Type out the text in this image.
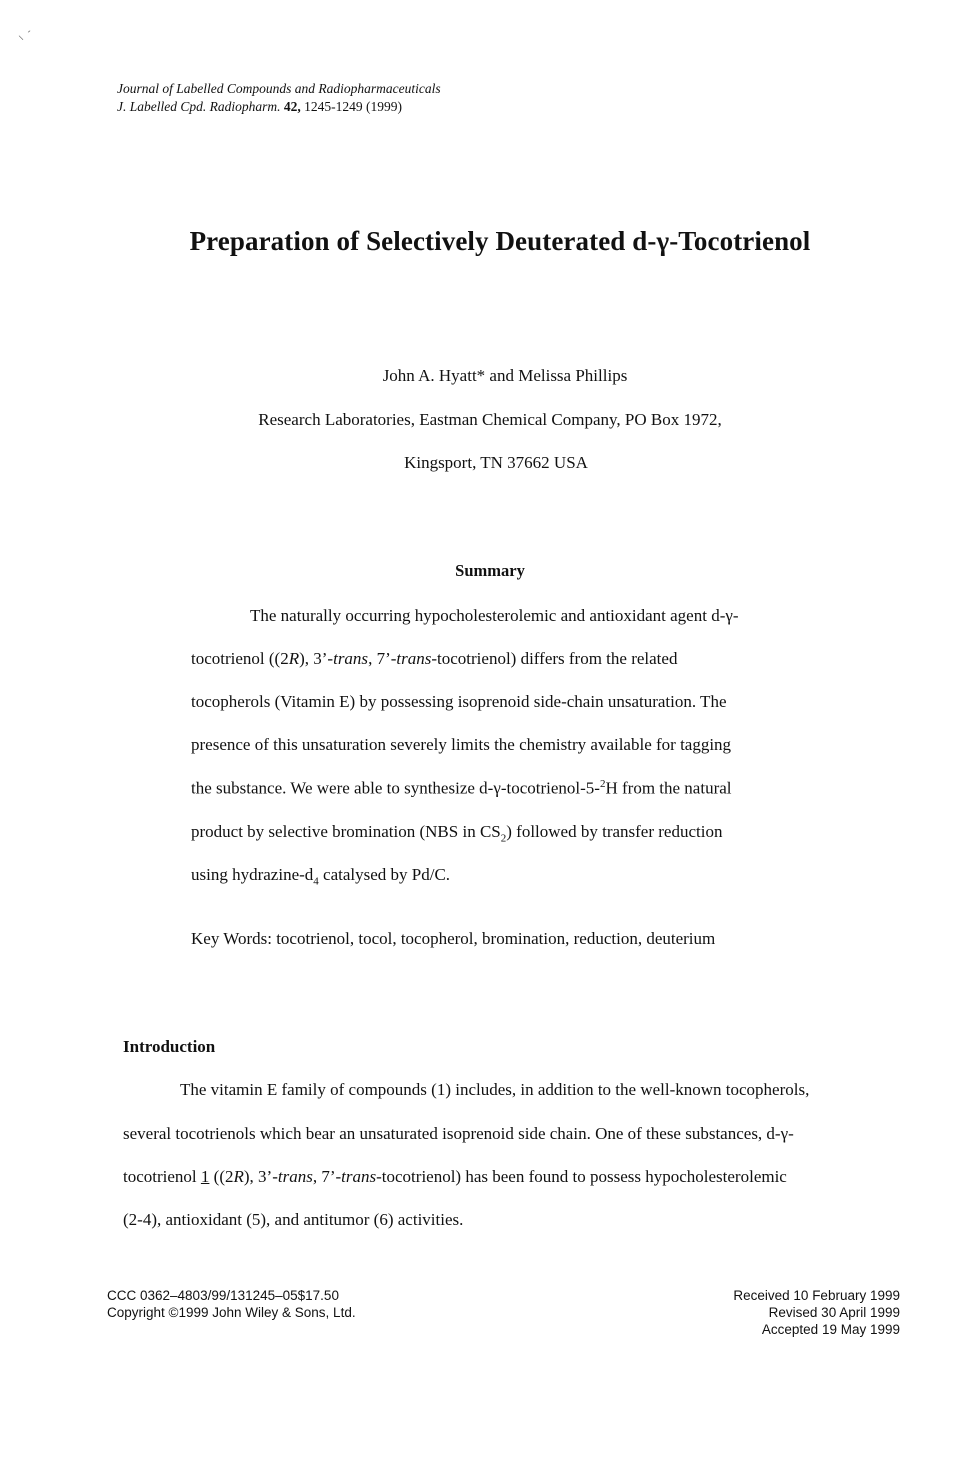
⸜ ˊ
Journal of Labelled Compounds and Radiopharmaceuticals
J. Labelled Cpd. Radiopharm. 42, 1245-1249 (1999)
Preparation of Selectively Deuterated d-γ-Tocotrienol
John A. Hyatt* and Melissa Phillips
Research Laboratories, Eastman Chemical Company, PO Box 1972,
Kingsport, TN 37662 USA
Summary
The naturally occurring hypocholesterolemic and antioxidant agent d-γ-
tocotrienol ((2R), 3’-trans, 7’-trans-tocotrienol) differs from the related
tocopherols (Vitamin E) by possessing isoprenoid side-chain unsaturation. The
presence of this unsaturation severely limits the chemistry available for tagging
the substance. We were able to synthesize d-γ-tocotrienol-5-$^2$H from the natural
product by selective bromination (NBS in $CS_2$) followed by transfer reduction
using hydrazine-$d_4$ catalysed by Pd/C.
Key Words: tocotrienol, tocol, tocopherol, bromination, reduction, deuterium
Introduction
The vitamin E family of compounds (1) includes, in addition to the well-known tocopherols,
several tocotrienols which bear an unsaturated isoprenoid side chain. One of these substances, d-γ-
tocotrienol 1 ((2R), 3’-trans, 7’-trans-tocotrienol) has been found to possess hypocholesterolemic
(2-4), antioxidant (5), and antitumor (6) activities.
CCC 0362–4803/99/131245–05$17.50
Copyright ©1999 John Wiley & Sons, Ltd.
Received 10 February 1999
Revised 30 April 1999
Accepted 19 May 1999
